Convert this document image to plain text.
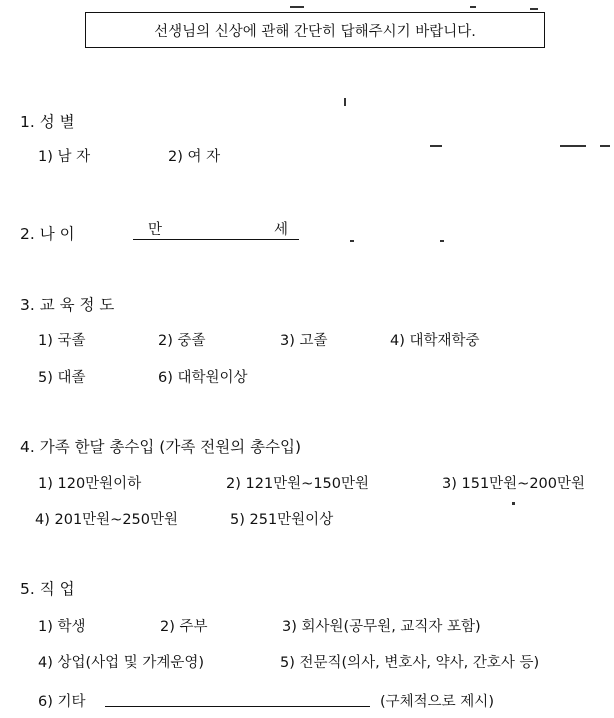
선생님의 신상에 관해 간단히 답해주시기 바랍니다.
1. 성 별
1) 남 자	2) 여 자
2. 나 이	만	세
3. 교 육 정 도
1) 국졸	2) 중졸	3) 고졸	4) 대학재학중
5) 대졸	6) 대학원이상
4. 가족 한달 총수입 (가족 전원의 총수입)
1) 120만원이하	2) 121만원~150만원	3) 151만원~200만원
4) 201만원~250만원	5) 251만원이상
5. 직 업
1) 학생	2) 주부	3) 회사원(공무원, 교직자 포함)
4) 상업(사업 및 가계운영)	5) 전문직(의사, 변호사, 약사, 간호사 등)
6) 기타	(구체적으로 제시)
